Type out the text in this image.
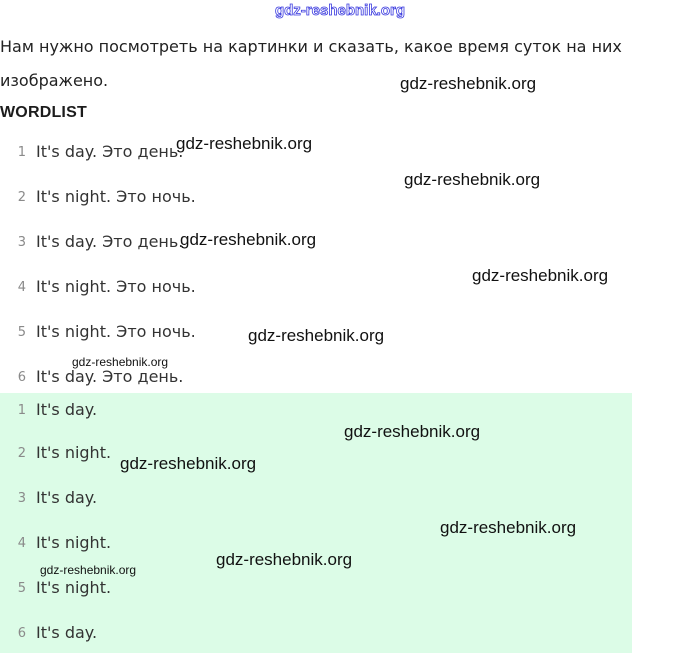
gdz-reshebnik.org
Нам нужно посмотреть на картинки и сказать, какое время суток на них изображено.
WORDLIST
1 It's day. Это день.
2 It's night. Это ночь.
3 It's day. Это день.
4 It's night. Это ночь.
5 It's night. Это ночь.
6 It's day. Это день.
1 It's day.
2 It's night.
3 It's day.
4 It's night.
5 It's night.
6 It's day.
gdz-reshebnik.org
gdz-reshebnik.org
gdz-reshebnik.org
gdz-reshebnik.org
gdz-reshebnik.org
gdz-reshebnik.org
gdz-reshebnik.org
gdz-reshebnik.org
gdz-reshebnik.org
gdz-reshebnik.org
gdz-reshebnik.org
gdz-reshebnik.org
